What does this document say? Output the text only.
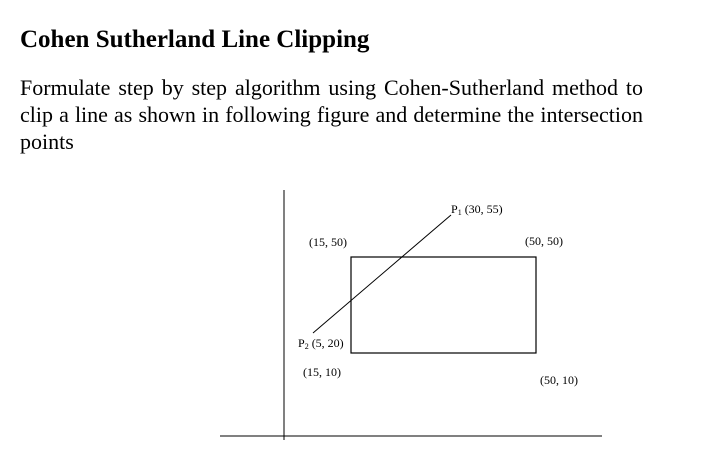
Cohen Sutherland Line Clipping

Formulate step by step algorithm using Cohen-Sutherland method to clip a line as shown in following figure and determine the intersection points

P1 (30, 55)
(15, 50)	(50, 50)
P2 (5, 20)
(15, 10)
(50, 10)
